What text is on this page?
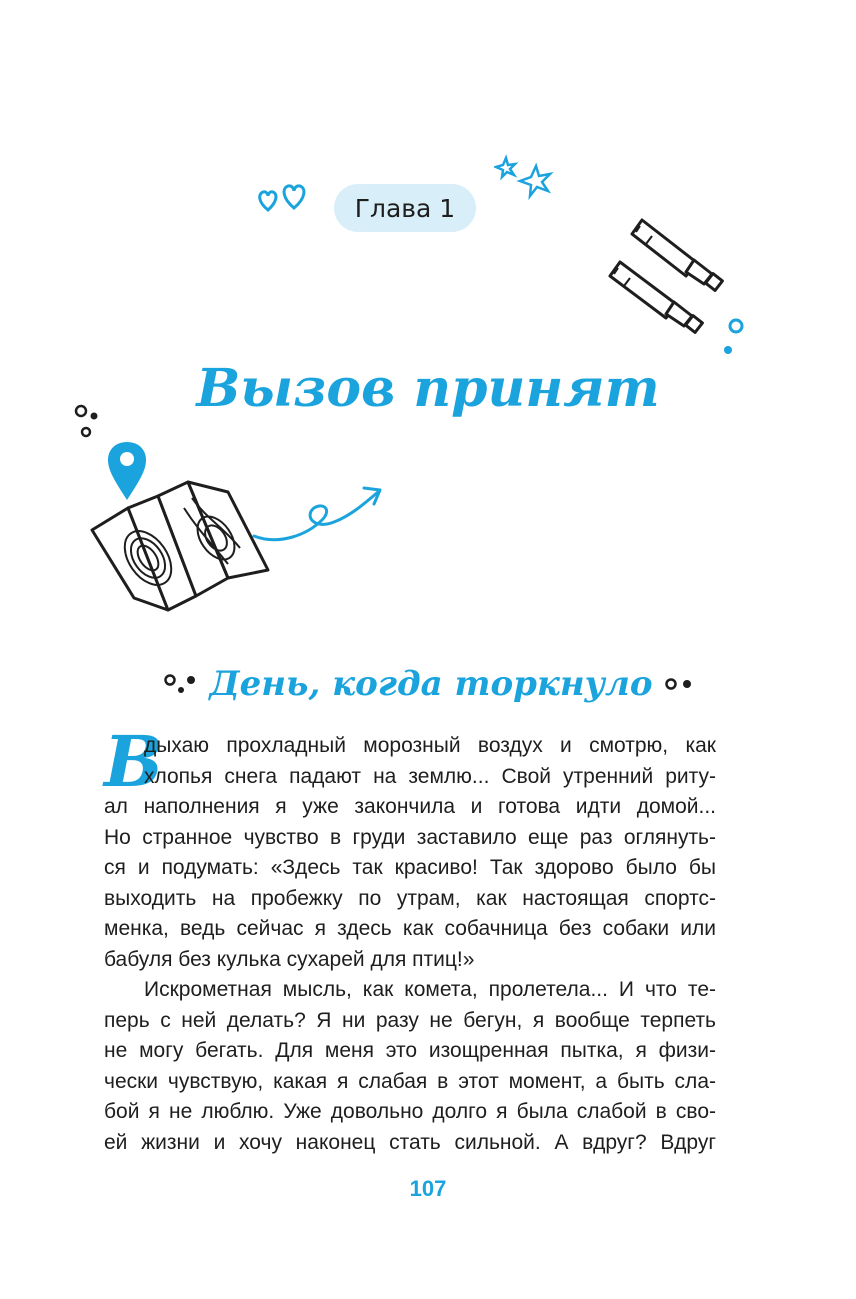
Глава 1
Вызов принят
День, когда торкнуло
В
дыхаю прохладный морозный воздух и смотрю, как
хлопья снега падают на землю... Свой утренний риту-
ал наполнения я уже закончила и готова идти домой...
Но странное чувство в груди заставило еще раз оглянуть-
ся и подумать: «Здесь так красиво! Так здорово было бы
выходить на пробежку по утрам, как настоящая спортс-
менка, ведь сейчас я здесь как собачница без собаки или
бабуля без кулька сухарей для птиц!»
Искрометная мысль, как комета, пролетела... И что те-
перь с ней делать? Я ни разу не бегун, я вообще терпеть
не могу бегать. Для меня это изощренная пытка, я физи-
чески чувствую, какая я слабая в этот момент, а быть сла-
бой я не люблю. Уже довольно долго я была слабой в сво-
ей жизни и хочу наконец стать сильной. А вдруг? Вдруг
107
